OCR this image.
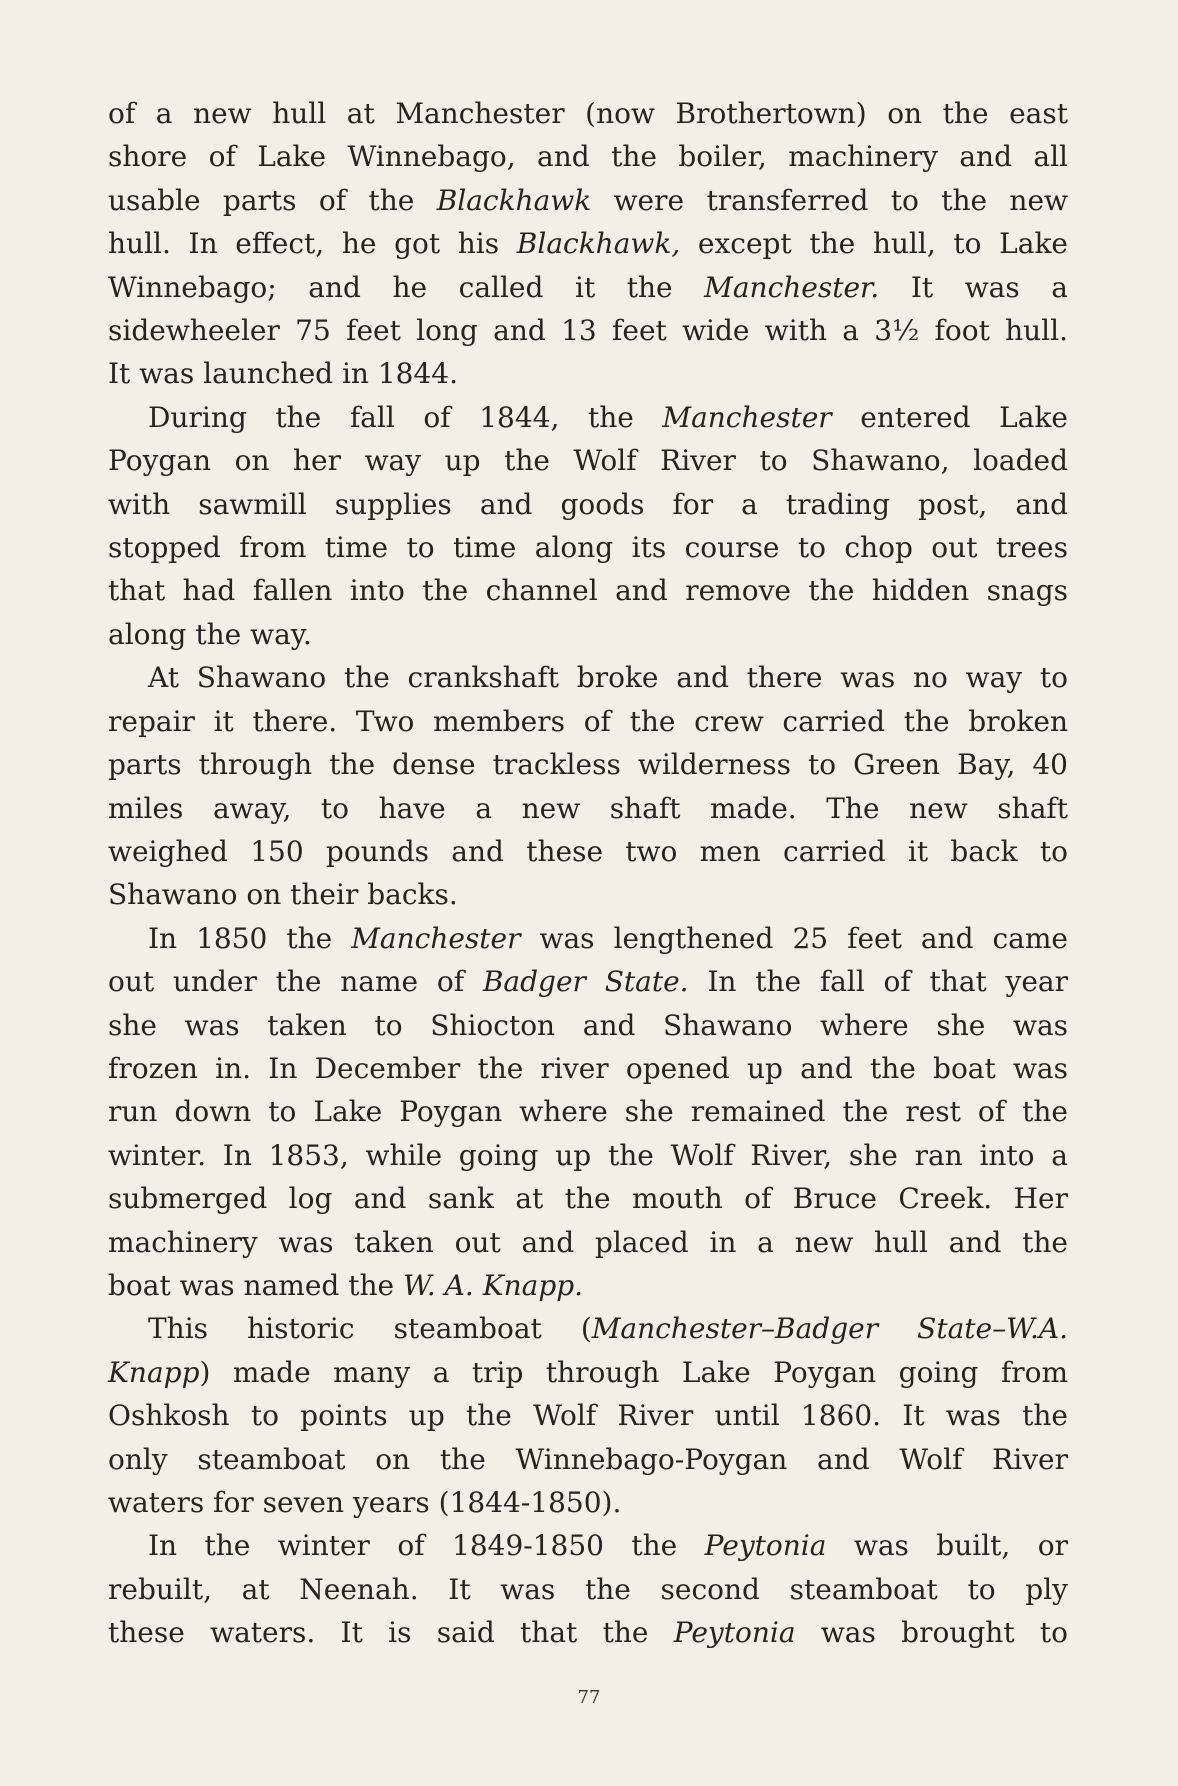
of a new hull at Manchester (now Brothertown) on the east
shore of Lake Winnebago, and the boiler, machinery and all
usable parts of the Blackhawk were transferred to the new
hull. In effect, he got his Blackhawk, except the hull, to Lake
Winnebago; and he called it the Manchester. It was a
sidewheeler 75 feet long and 13 feet wide with a 3½ foot hull.
It was launched in 1844.
During the fall of 1844, the Manchester entered Lake
Poygan on her way up the Wolf River to Shawano, loaded
with sawmill supplies and goods for a trading post, and
stopped from time to time along its course to chop out trees
that had fallen into the channel and remove the hidden snags
along the way.
At Shawano the crankshaft broke and there was no way to
repair it there. Two members of the crew carried the broken
parts through the dense trackless wilderness to Green Bay, 40
miles away, to have a new shaft made. The new shaft
weighed 150 pounds and these two men carried it back to
Shawano on their backs.
In 1850 the Manchester was lengthened 25 feet and came
out under the name of Badger State. In the fall of that year
she was taken to Shiocton and Shawano where she was
frozen in. In December the river opened up and the boat was
run down to Lake Poygan where she remained the rest of the
winter. In 1853, while going up the Wolf River, she ran into a
submerged log and sank at the mouth of Bruce Creek. Her
machinery was taken out and placed in a new hull and the
boat was named the W. A. Knapp.
This historic steamboat (Manchester–Badger State–W.A.
Knapp) made many a trip through Lake Poygan going from
Oshkosh to points up the Wolf River until 1860. It was the
only steamboat on the Winnebago-Poygan and Wolf River
waters for seven years (1844-1850).
In the winter of 1849-1850 the Peytonia was built, or
rebuilt, at Neenah. It was the second steamboat to ply
these waters. It is said that the Peytonia was brought to
77
